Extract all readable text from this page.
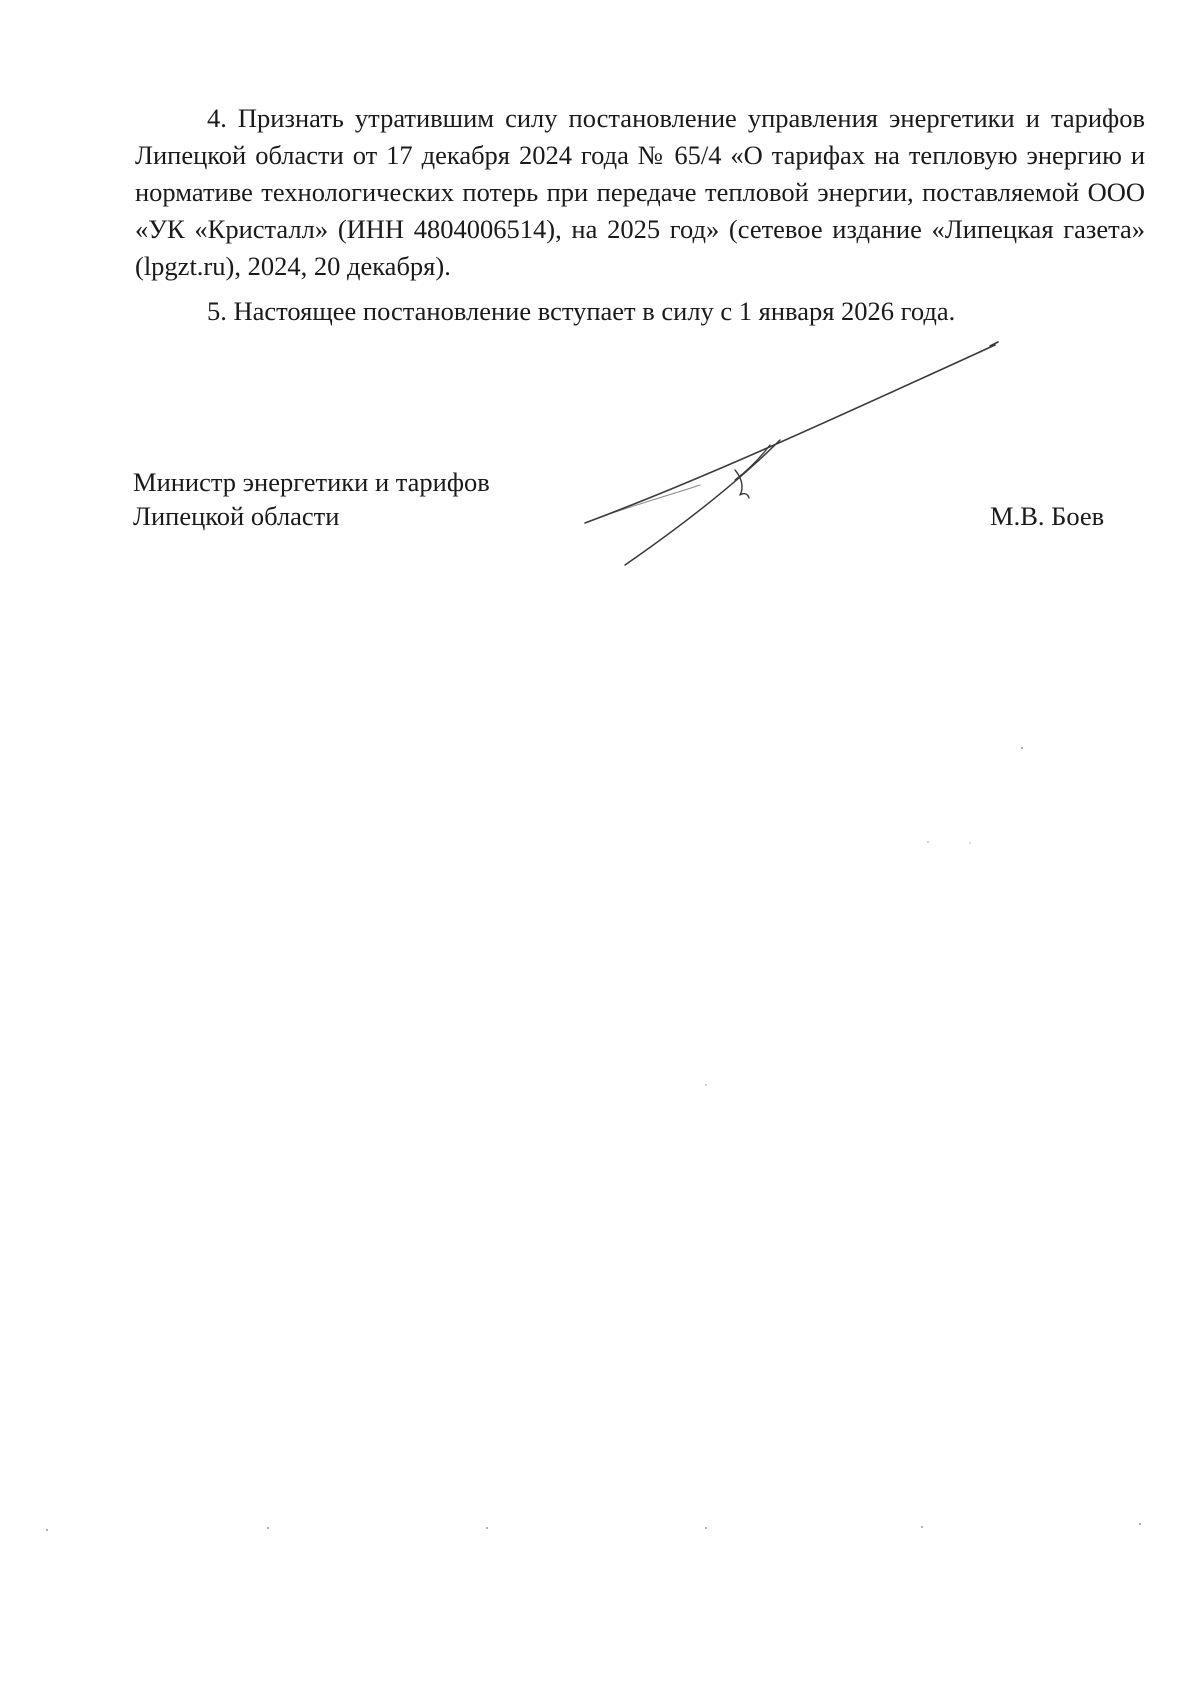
4. Признать утратившим силу постановление управления энергетики и тарифов Липецкой области от 17 декабря 2024 года № 65/4 «О тарифах на тепловую энергию и нормативе технологических потерь при передаче тепловой энергии, поставляемой ООО «УК «Кристалл» (ИНН 4804006514), на 2025 год» (сетевое издание «Липецкая газета» (lpgzt.ru), 2024, 20 декабря).

5. Настоящее постановление вступает в силу с 1 января 2026 года.

Министр энергетики и тарифов
Липецкой области	М.В. Боев
